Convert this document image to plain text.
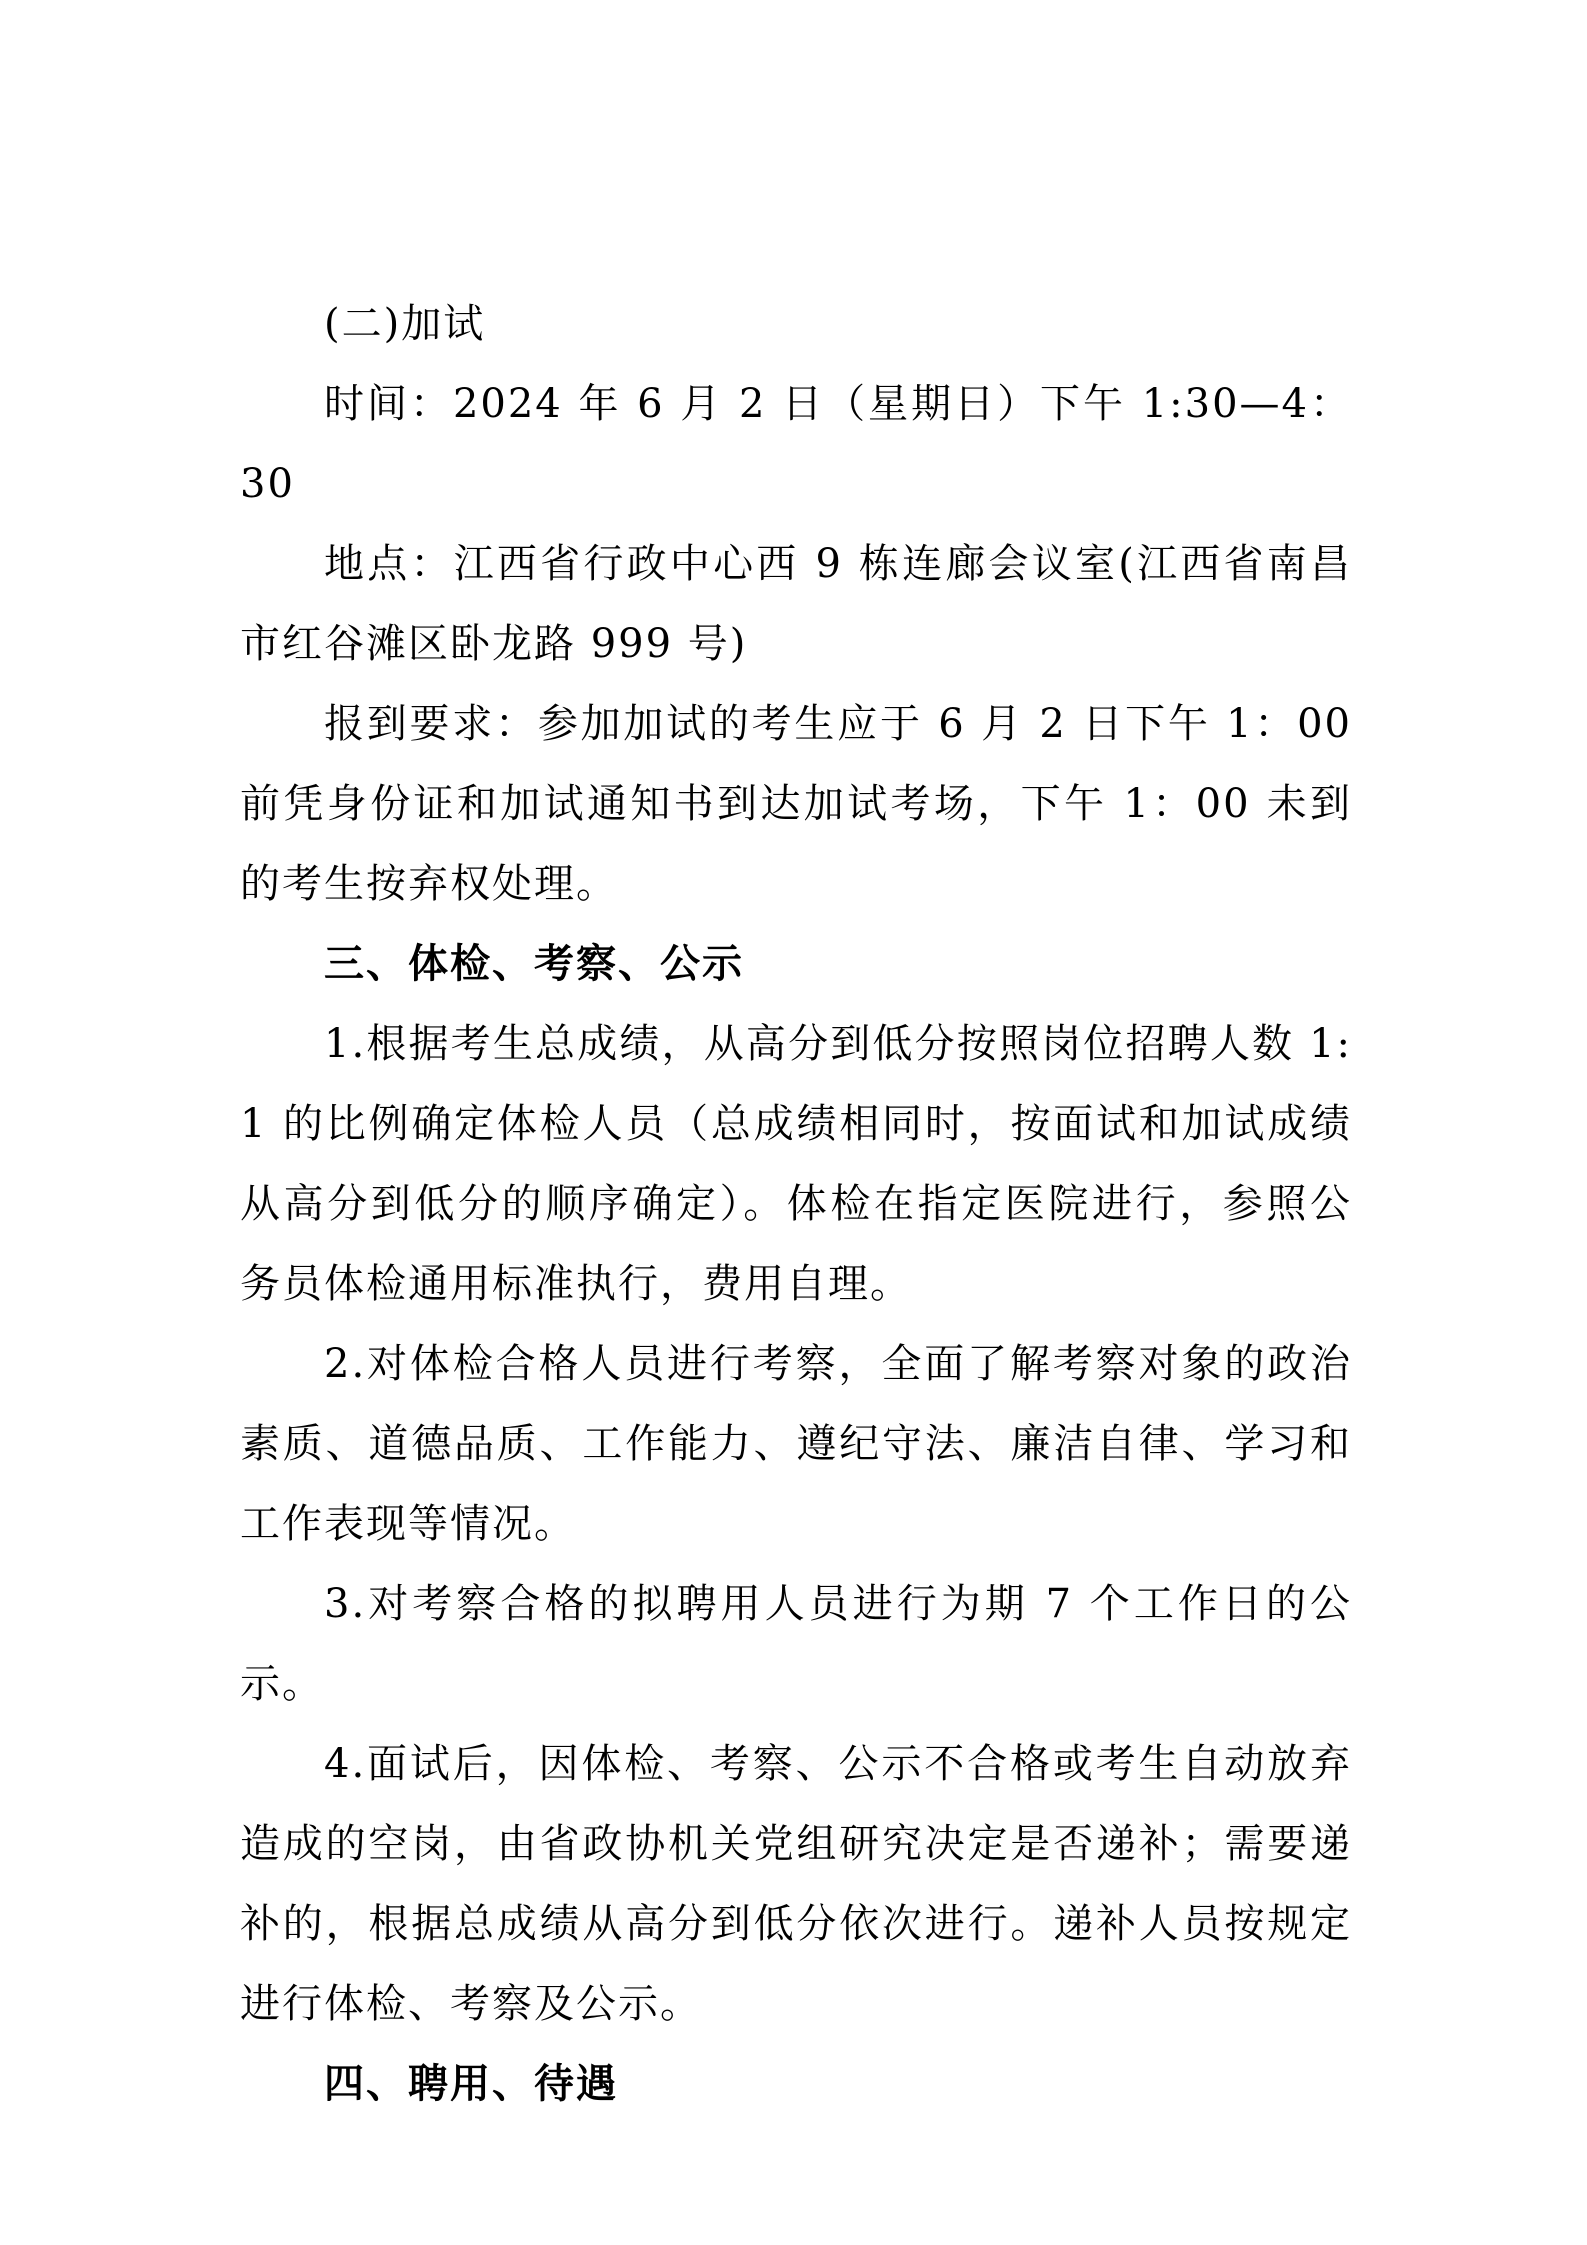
(二)加试

时间：2024 年 6 月 2 日（星期日）下午 1:30—4：30

地点：江西省行政中心西 9 栋连廊会议室(江西省南昌市红谷滩区卧龙路 999 号)

报到要求：参加加试的考生应于 6 月 2 日下午 1：00 前凭身份证和加试通知书到达加试考场，下午 1：00 未到的考生按弃权处理。

三、体检、考察、公示

1.根据考生总成绩，从高分到低分按照岗位招聘人数 1:1 的比例确定体检人员（总成绩相同时，按面试和加试成绩从高分到低分的顺序确定）。体检在指定医院进行，参照公务员体检通用标准执行，费用自理。

2.对体检合格人员进行考察，全面了解考察对象的政治素质、道德品质、工作能力、遵纪守法、廉洁自律、学习和工作表现等情况。

3.对考察合格的拟聘用人员进行为期 7 个工作日的公示。

4.面试后，因体检、考察、公示不合格或考生自动放弃造成的空岗，由省政协机关党组研究决定是否递补；需要递补的，根据总成绩从高分到低分依次进行。递补人员按规定进行体检、考察及公示。

四、聘用、待遇
